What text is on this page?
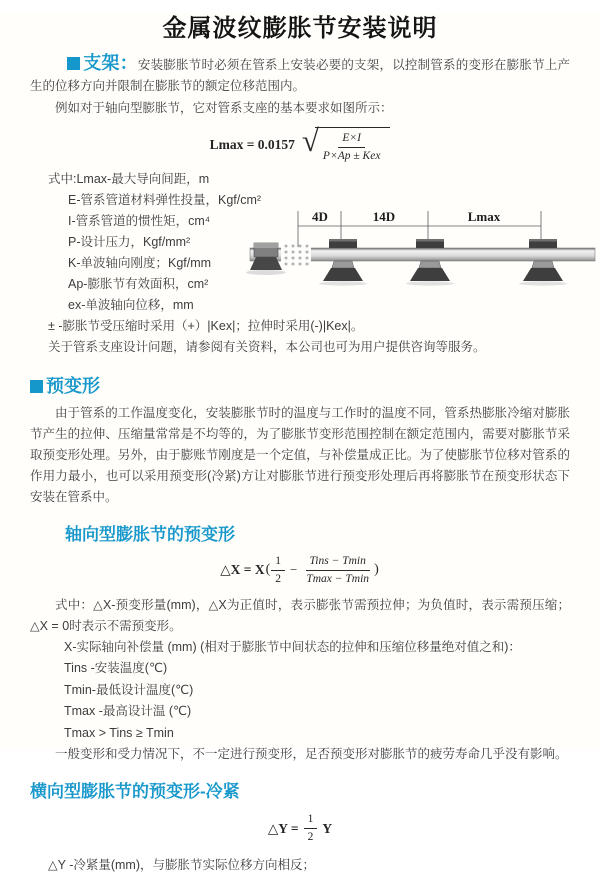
金属波纹膨胀节安装说明

支架：安装膨胀节时必须在管系上安装必要的支架，以控制管系的变形在膨胀节上产生的位移方向并限制在膨胀节的额定位移范围内。

例如对于轴向型膨胀节，它对管系支座的基本要求如图所示：

Lmax = 0.0157 √ $\frac{E\times I}{\text{P×Ap ± Kex}}$
式中:Lmax-最大导向间距，m
E-管系管道材料弹性投量，Kgf/cm²
I-管系管道的惯性矩，cm⁴
P-设计压力，Kgf/mm²
K-单波轴向刚度；Kgf/mm
Ap-膨胀节有效面积，cm²
ex-单波轴向位移，mm

± -膨胀节受压缩时采用（+）|Kex|；拉伸时采用(-)|Kex|。

关于管系支座设计问题，请参阅有关资料，本公司也可为用户提供咨询等服务。

预变形

由于管系的工作温度变化，安装膨胀节时的温度与工作时的温度不同，管系热膨胀冷缩对膨胀节产生的拉伸、压缩量常常是不均等的，为了膨胀节变形范围控制在额定范围内，需要对膨胀节采取预变形处理。另外，由于膨账节刚度是一个定值，与补偿量成正比。为了使膨胀节位移对管系的作用力最小，也可以采用预变形(冷紧)方让对膨胀节进行预变形处理后再将膨胀节在预变形状态下安装在管系中。

轴向型膨胀节的预变形
△X = X ( $\frac{1}{2} - \frac{\text{Tins − Tmin}}{Tmax - Tmin}$ )

式中：△X-预变形量(mm)，△X为正值时，表示膨张节需预拉伸；为负值时，表示需预压缩；△X = 0时表示不需预变形。

X-实际轴向补偿量 (mm) (相对于膨胀节中间状态的拉伸和压缩位移量绝对值之和)：
Tins -安装温度(℃)
Tmin-最低设计温度(℃)
Tmax -最高设计温 (℃)
Tmax > Tins ≥ Tmin

一般变形和受力情况下，不一定进行预变形，足否预变形对膨胀节的疲劳寿命几乎没有影响。

横向型膨胀节的预变形-冷紧
△Y = $\frac{1}{2}$ Y

△Y -冷紧量(mm)，与膨胀节实际位移方向相反；

4D	14D	Lmax
